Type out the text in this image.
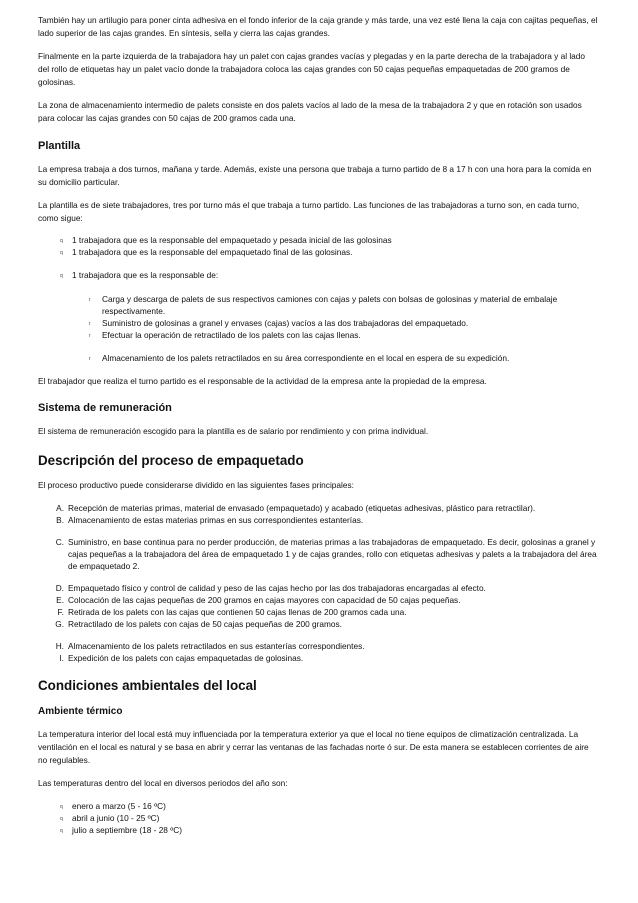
También hay un artilugio para poner cinta adhesiva en el fondo inferior de la caja grande y más tarde, una vez esté llena la caja con cajitas pequeñas, el lado superior de las cajas grandes. En síntesis, sella y cierra las cajas grandes.

Finalmente en la parte izquierda de la trabajadora hay un palet con cajas grandes vacías y plegadas y en la parte derecha de la trabajadora y al lado del rollo de etiquetas hay un palet vacío donde la trabajadora coloca las cajas grandes con 50 cajas pequeñas empaquetadas de 200 gramos de golosinas.

La zona de almacenamiento intermedio de palets consiste en dos palets vacíos al lado de la mesa de la trabajadora 2 y que en rotación son usados para colocar las cajas grandes con 50 cajas de 200 gramos cada una.

Plantilla

La empresa trabaja a dos turnos, mañana y tarde. Además, existe una persona que trabaja a turno partido de 8 a 17 h con una hora para la comida en su domicilio particular.

La plantilla es de siete trabajadores, tres por turno más el que trabaja a turno partido. Las funciones de las trabajadoras a turno son, en cada turno, como sigue:

q 1 trabajadora que es la responsable del empaquetado y pesada inicial de las golosinas
q 1 trabajadora que es la responsable del empaquetado final de las golosinas.
q 1 trabajadora que es la responsable de:
r Carga y descarga de palets de sus respectivos camiones con cajas y palets con bolsas de golosinas y material de embalaje respectivamente.
r Suministro de golosinas a granel y envases (cajas) vacíos a las dos trabajadoras del empaquetado.
r Efectuar la operación de retractilado de los palets con las cajas llenas.
r Almacenamiento de los palets retractilados en su área correspondiente en el local en espera de su expedición.

El trabajador que realiza el turno partido es el responsable de la actividad de la empresa ante la propiedad de la empresa.

Sistema de remuneración

El sistema de remuneración escogido para la plantilla es de salario por rendimiento y con prima individual.

Descripción del proceso de empaquetado

El proceso productivo puede considerarse dividido en las siguientes fases principales:

A. Recepción de materias primas, material de envasado (empaquetado) y acabado (etiquetas adhesivas, plástico para retractilar).
B. Almacenamiento de estas materias primas en sus correspondientes estanterías.
C. Suministro, en base continua para no perder producción, de materias primas a las trabajadoras de empaquetado. Es decir, golosinas a granel y cajas pequeñas a la trabajadora del área de empaquetado 1 y de cajas grandes, rollo con etiquetas adhesivas y palets a la trabajadora del área de empaquetado 2.
D. Empaquetado físico y control de calidad y peso de las cajas hecho por las dos trabajadoras encargadas al efecto.
E. Colocación de las cajas pequeñas de 200 gramos en cajas mayores con capacidad de 50 cajas pequeñas.
F. Retirada de los palets con las cajas que contienen 50 cajas llenas de 200 gramos cada una.
G. Retractilado de los palets con cajas de 50 cajas pequeñas de 200 gramos.
H. Almacenamiento de los palets retractilados en sus estanterías correspondientes.
I. Expedición de los palets con cajas empaquetadas de golosinas.
Condiciones ambientales del local
Ambiente térmico

La temperatura interior del local está muy influenciada por la temperatura exterior ya que el local no tiene equipos de climatización centralizada. La ventilación en el local es natural y se basa en abrir y cerrar las ventanas de las fachadas norte ó sur. De esta manera se establecen corrientes de aire no regulables.

Las temperaturas dentro del local en diversos periodos del año son:

q enero a marzo (5 - 16 ºC)
q abril a junio (10 - 25 ºC)
q julio a septiembre (18 - 28 ºC)
